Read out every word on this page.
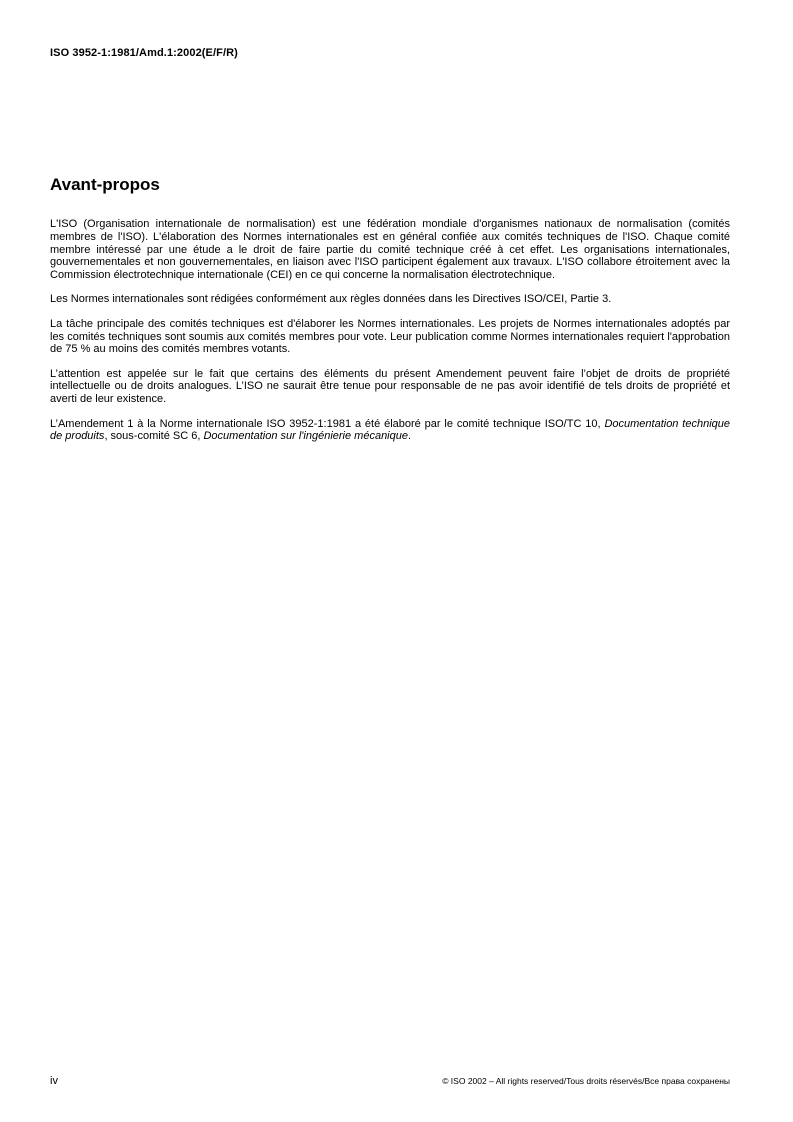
ISO 3952-1:1981/Amd.1:2002(E/F/R)
Avant-propos

L'ISO (Organisation internationale de normalisation) est une fédération mondiale d'organismes nationaux de normalisation (comités membres de l'ISO). L'élaboration des Normes internationales est en général confiée aux comités techniques de l'ISO. Chaque comité membre intéressé par une étude a le droit de faire partie du comité technique créé à cet effet. Les organisations internationales, gouvernementales et non gouvernementales, en liaison avec l'ISO participent également aux travaux. L'ISO collabore étroitement avec la Commission électrotechnique internationale (CEI) en ce qui concerne la normalisation électrotechnique.

Les Normes internationales sont rédigées conformément aux règles données dans les Directives ISO/CEI, Partie 3.

La tâche principale des comités techniques est d'élaborer les Normes internationales. Les projets de Normes internationales adoptés par les comités techniques sont soumis aux comités membres pour vote. Leur publication comme Normes internationales requiert l'approbation de 75 % au moins des comités membres votants.

L’attention est appelée sur le fait que certains des éléments du présent Amendement peuvent faire l’objet de droits de propriété intellectuelle ou de droits analogues. L’ISO ne saurait être tenue pour responsable de ne pas avoir identifié de tels droits de propriété et averti de leur existence.

L’Amendement 1 à la Norme internationale ISO 3952-1:1981 a été élaboré par le comité technique ISO/TC 10, Documentation technique de produits, sous-comité SC 6, Documentation sur l'ingénierie mécanique.

iv	© ISO 2002 – All rights reserved/Tous droits réservés/Все права сохранены
